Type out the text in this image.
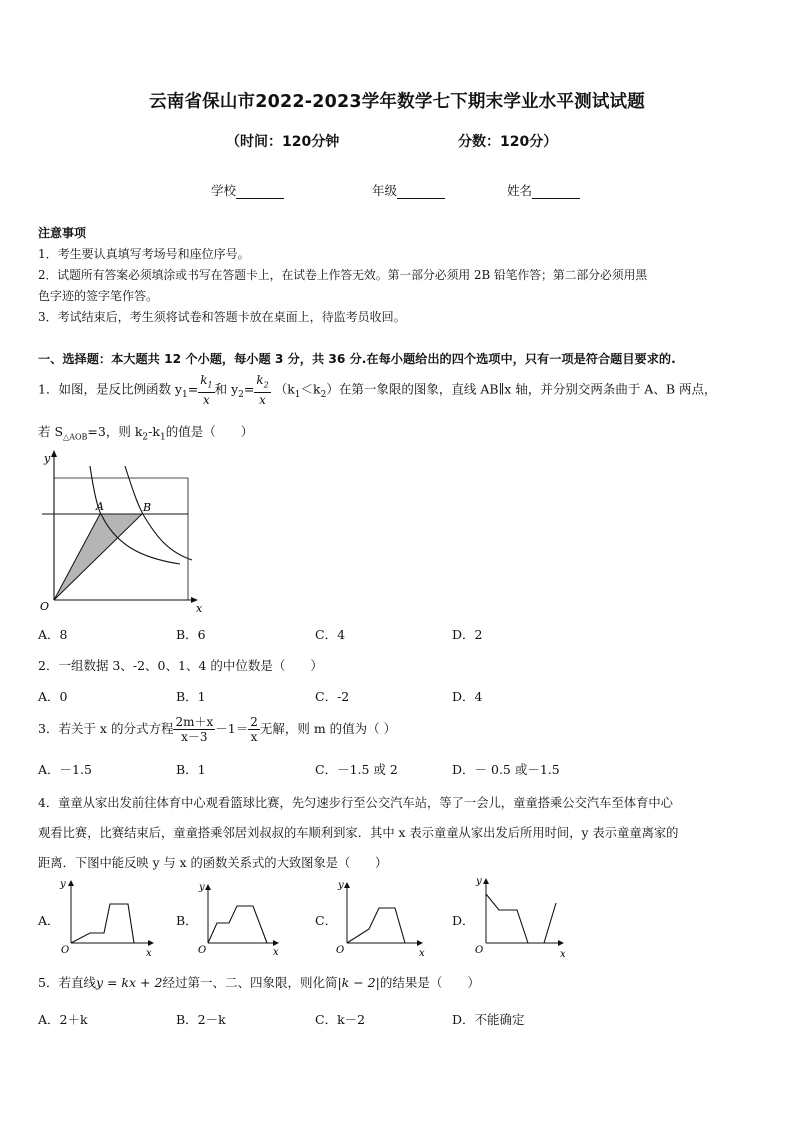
云南省保山市2022-2023学年数学七下期末学业水平测试试题
（时间：120分钟	分数：120分）
学校	年级	姓名
注意事项
1．考生要认真填写考场号和座位序号。
2．试题所有答案必须填涂或书写在答题卡上，在试卷上作答无效。第一部分必须用 2B 铅笔作答；第二部分必须用黑
色字迹的签字笔作答。
3．考试结束后，考生须将试卷和答题卡放在桌面上，待监考员收回。
一、选择题：本大题共 12 个小题，每小题 3 分，共 36 分.在每小题给出的四个选项中，只有一项是符合题目要求的.
1．如图，是反比例函数 $y_1= \frac{k_1}{x}$ 和 $y_2= \frac{k_2}{x} (k_1<k_2)$在第一象限的图象，直线 AB∥x 轴，并分别交两条曲于 A、B 两点，
若 $S_{\triangle AOB}=3$，则 $k_2-k_1$的值是（　　）
y
x
O
A	B
A．8	B．6	C．4	D．2
2．一组数据 3、-2、0、1、4 的中位数是（　　）
A．0	B．1	C．-2	D．4
3．若关于 x 的分式方程 $\frac{2m+x}{x-3} -1= \frac{2}{x}$ 无解，则 m 的值为（ ）
A．－1.5	B．1	C．－1.5 或 2	D．－ 0.5 或－1.5
4．童童从家出发前往体育中心观看篮球比赛，先匀速步行至公交汽车站，等了一会儿，童童搭乘公交汽车至体育中心
观看比赛，比赛结束后，童童搭乘邻居刘叔叔的车顺利到家．其中 x 表示童童从家出发后所用时间，y 表示童童离家的
距离．下图中能反映 y 与 x 的函数关系式的大致图象是（　　）
A．	B．	C．	D．
y
x
O
y
x
O
y
x
O
y
x
O
5．若直线y = kx + 2经过第一、二、四象限，则化简|k − 2|的结果是（　　）
A．2＋k	B．2－k	C．k－2	D．不能确定
